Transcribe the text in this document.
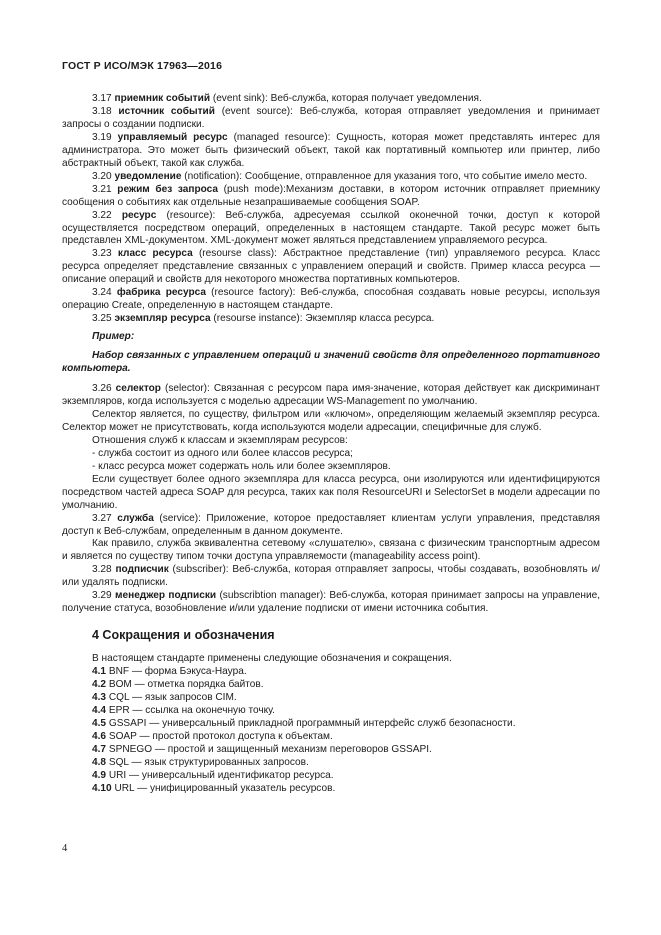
ГОСТ Р ИСО/МЭК 17963—2016

3.17 приемник событий (event sink): Веб-служба, которая получает уведомления.

3.18 источник событий (event source): Веб-служба, которая отправляет уведомления и принимает запросы о создании подписки.

3.19 управляемый ресурс (managed resource): Сущность, которая может представлять интерес для администратора. Это может быть физический объект, такой как портативный компьютер или принтер, либо абстрактный объект, такой как служба.

3.20 уведомление (notification): Сообщение, отправленное для указания того, что событие имело место.

3.21 режим без запроса (push mode):Механизм доставки, в котором источник отправляет приемнику сообщения о событиях как отдельные незапрашиваемые сообщения SOAP.

3.22 ресурс (resource): Веб-служба, адресуемая ссылкой оконечной точки, доступ к которой осуществляется посредством операций, определенных в настоящем стандарте. Такой ресурс может быть представлен XML-документом. XML-документ может являться представлением управляемого ресурса.

3.23 класс ресурса (resourse class): Абстрактное представление (тип) управляемого ресурса. Класс ресурса определяет представление связанных с управлением операций и свойств. Пример класса ресурса — описание операций и свойств для некоторого множества портативных компьютеров.

3.24 фабрика ресурса (resource factory): Веб-служба, способная создавать новые ресурсы, используя операцию Create, определенную в настоящем стандарте.

3.25 экземпляр ресурса (resourse instance): Экземпляр класса ресурса.

Пример:

Набор связанных с управлением операций и значений свойств для определенного портативного компьютера.

3.26 селектор (selector): Связанная с ресурсом пара имя-значение, которая действует как дискриминант экземпляров, когда используется с моделью адресации WS-Management по умолчанию.

Селектор является, по существу, фильтром или «ключом», определяющим желаемый экземпляр ресурса. Селектор может не присутствовать, когда используются модели адресации, специфичные для служб.

Отношения служб к классам и экземплярам ресурсов:

- служба состоит из одного или более классов ресурса;

- класс ресурса может содержать ноль или более экземпляров.

Если существует более одного экземпляра для класса ресурса, они изолируются или идентифицируются посредством частей адреса SOAP для ресурса, таких как поля ResourceURI и SelectorSet в модели адресации по умолчанию.

3.27 служба (service): Приложение, которое предоставляет клиентам услуги управления, представляя доступ к Веб-службам, определенным в данном документе.

Как правило, служба эквивалентна сетевому «слушателю», связана с физическим транспортным адресом и является по существу типом точки доступа управляемости (manageability access point).

3.28 подписчик (subscriber): Веб-служба, которая отправляет запросы, чтобы создавать, возобновлять и/или удалять подписки.

3.29 менеджер подписки (subscribtion manager): Веб-служба, которая принимает запросы на управление, получение статуса, возобновление и/или удаление подписки от имени источника события.

4 Сокращения и обозначения

В настоящем стандарте применены следующие обозначения и сокращения.

4.1 BNF — форма Бэкуса-Наура.

4.2 BOM — отметка порядка байтов.

4.3 CQL — язык запросов CIM.

4.4 EPR — ссылка на оконечную точку.

4.5 GSSAPI — универсальный прикладной программный интерфейс служб безопасности.

4.6 SOAP — простой протокол доступа к объектам.

4.7 SPNEGO — простой и защищенный механизм переговоров GSSAPI.

4.8 SQL — язык структурированных запросов.

4.9 URI — универсальный идентификатор ресурса.

4.10 URL — унифицированный указатель ресурсов.

4
